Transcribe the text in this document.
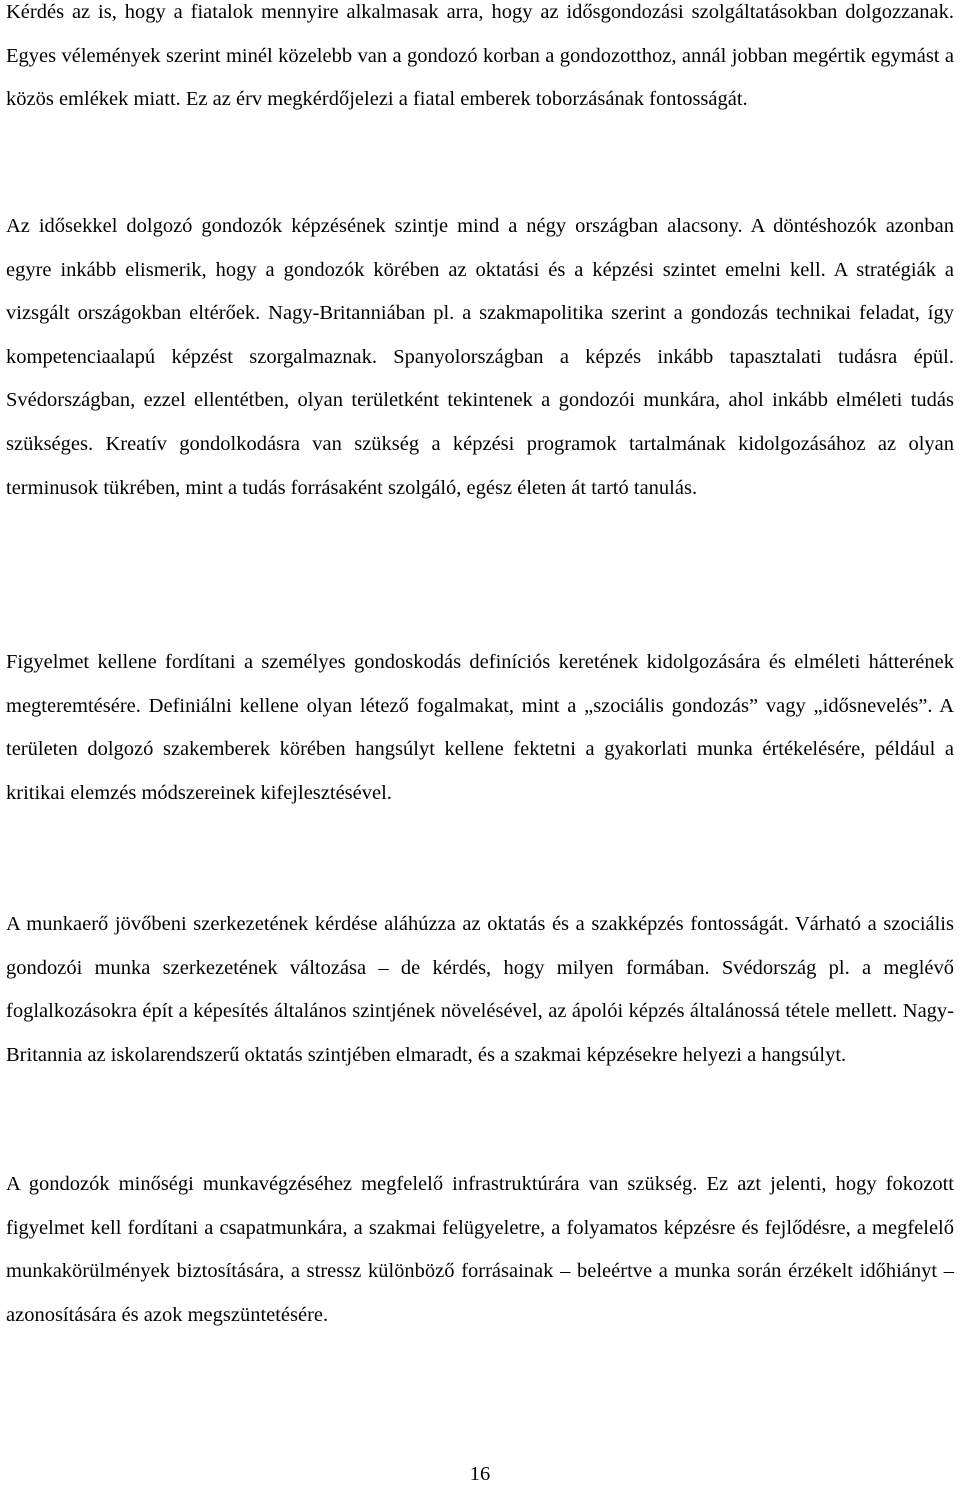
Kérdés az is, hogy a fiatalok mennyire alkalmasak arra, hogy az idősgondozási szolgáltatásokban dolgozzanak. Egyes vélemények szerint minél közelebb van a gondozó korban a gondozotthoz, annál jobban megértik egymást a közös emlékek miatt. Ez az érv megkérdőjelezi a fiatal emberek toborzásának fontosságát.

Az idősekkel dolgozó gondozók képzésének szintje mind a négy országban alacsony. A döntéshozók azonban egyre inkább elismerik, hogy a gondozók körében az oktatási és a képzési szintet emelni kell. A stratégiák a vizsgált országokban eltérőek. Nagy-Britanniában pl. a szakmapolitika szerint a gondozás technikai feladat, így kompetenciaalapú képzést szorgalmaznak. Spanyolországban a képzés inkább tapasztalati tudásra épül. Svédországban, ezzel ellentétben, olyan területként tekintenek a gondozói munkára, ahol inkább elméleti tudás szükséges. Kreatív gondolkodásra van szükség a képzési programok tartalmának kidolgozásához az olyan terminusok tükrében, mint a tudás forrásaként szolgáló, egész életen át tartó tanulás.

Figyelmet kellene fordítani a személyes gondoskodás definíciós keretének kidolgozására és elméleti hátterének megteremtésére. Definiálni kellene olyan létező fogalmakat, mint a „szociális gondozás” vagy „idősnevelés”. A területen dolgozó szakemberek körében hangsúlyt kellene fektetni a gyakorlati munka értékelésére, például a kritikai elemzés módszereinek kifejlesztésével.

A munkaerő jövőbeni szerkezetének kérdése aláhúzza az oktatás és a szakképzés fontosságát. Várható a szociális gondozói munka szerkezetének változása – de kérdés, hogy milyen formában. Svédország pl. a meglévő foglalkozásokra épít a képesítés általános szintjének növelésével, az ápolói képzés általánossá tétele mellett. Nagy-Britannia az iskolarendszerű oktatás szintjében elmaradt, és a szakmai képzésekre helyezi a hangsúlyt.

A gondozók minőségi munkavégzéséhez megfelelő infrastruktúrára van szükség. Ez azt jelenti, hogy fokozott figyelmet kell fordítani a csapatmunkára, a szakmai felügyeletre, a folyamatos képzésre és fejlődésre, a megfelelő munkakörülmények biztosítására, a stressz különböző forrásainak – beleértve a munka során érzékelt időhiányt – azonosítására és azok megszüntetésére.

16
